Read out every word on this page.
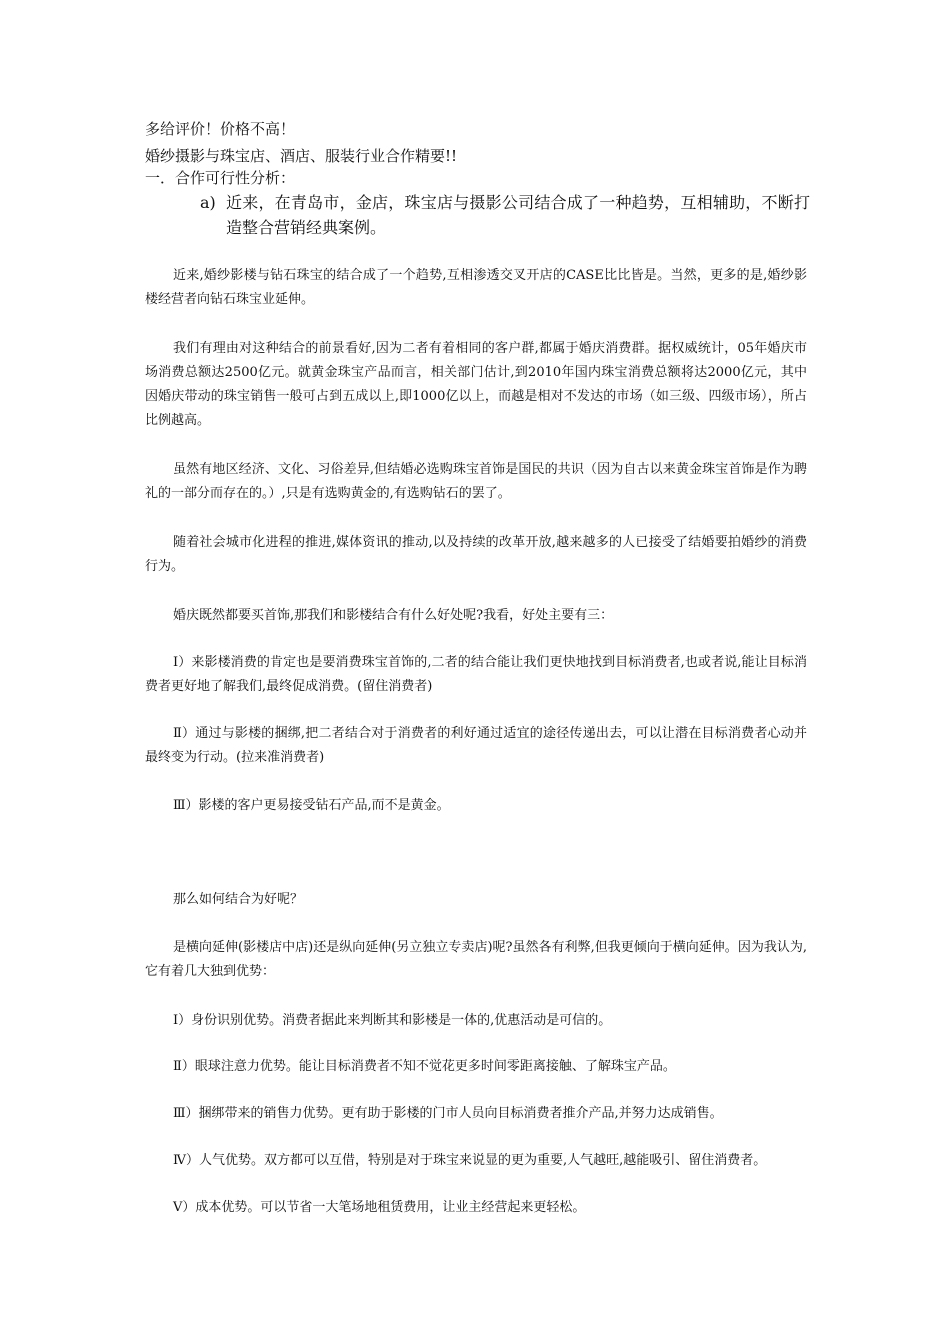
多给评价！价格不高！
婚纱摄影与珠宝店、酒店、服装行业合作精要!!
一．合作可行性分析：
a) 近来，在青岛市，金店，珠宝店与摄影公司结合成了一种趋势，互相辅助，不断打造整合营销经典案例。
近来,婚纱影楼与钻石珠宝的结合成了一个趋势,互相渗透交叉开店的CASE比比皆是。当然，更多的是,婚纱影楼经营者向钻石珠宝业延伸。
我们有理由对这种结合的前景看好,因为二者有着相同的客户群,都属于婚庆消费群。据权威统计，05年婚庆市场消费总额达2500亿元。就黄金珠宝产品而言，相关部门估计,到2010年国内珠宝消费总额将达2000亿元，其中因婚庆带动的珠宝销售一般可占到五成以上,即1000亿以上，而越是相对不发达的市场（如三级、四级市场），所占比例越高。
虽然有地区经济、文化、习俗差异,但结婚必选购珠宝首饰是国民的共识（因为自古以来黄金珠宝首饰是作为聘礼的一部分而存在的。）,只是有选购黄金的,有选购钻石的罢了。
随着社会城市化进程的推进,媒体资讯的推动,以及持续的改革开放,越来越多的人已接受了结婚要拍婚纱的消费行为。
婚庆既然都要买首饰,那我们和影楼结合有什么好处呢?我看，好处主要有三：
Ⅰ）来影楼消费的肯定也是要消费珠宝首饰的,二者的结合能让我们更快地找到目标消费者,也或者说,能让目标消费者更好地了解我们,最终促成消费。(留住消费者)
Ⅱ）通过与影楼的捆绑,把二者结合对于消费者的利好通过适宜的途径传递出去，可以让潜在目标消费者心动并最终变为行动。(拉来准消费者)
Ⅲ）影楼的客户更易接受钻石产品,而不是黄金。
那么如何结合为好呢？
是横向延伸(影楼店中店)还是纵向延伸(另立独立专卖店)呢?虽然各有利弊,但我更倾向于横向延伸。因为我认为,它有着几大独到优势：
Ⅰ）身份识别优势。消费者据此来判断其和影楼是一体的,优惠活动是可信的。
Ⅱ）眼球注意力优势。能让目标消费者不知不觉花更多时间零距离接触、了解珠宝产品。
Ⅲ）捆绑带来的销售力优势。更有助于影楼的门市人员向目标消费者推介产品,并努力达成销售。
Ⅳ）人气优势。双方都可以互借，特别是对于珠宝来说显的更为重要,人气越旺,越能吸引、留住消费者。
Ⅴ）成本优势。可以节省一大笔场地租赁费用，让业主经营起来更轻松。
